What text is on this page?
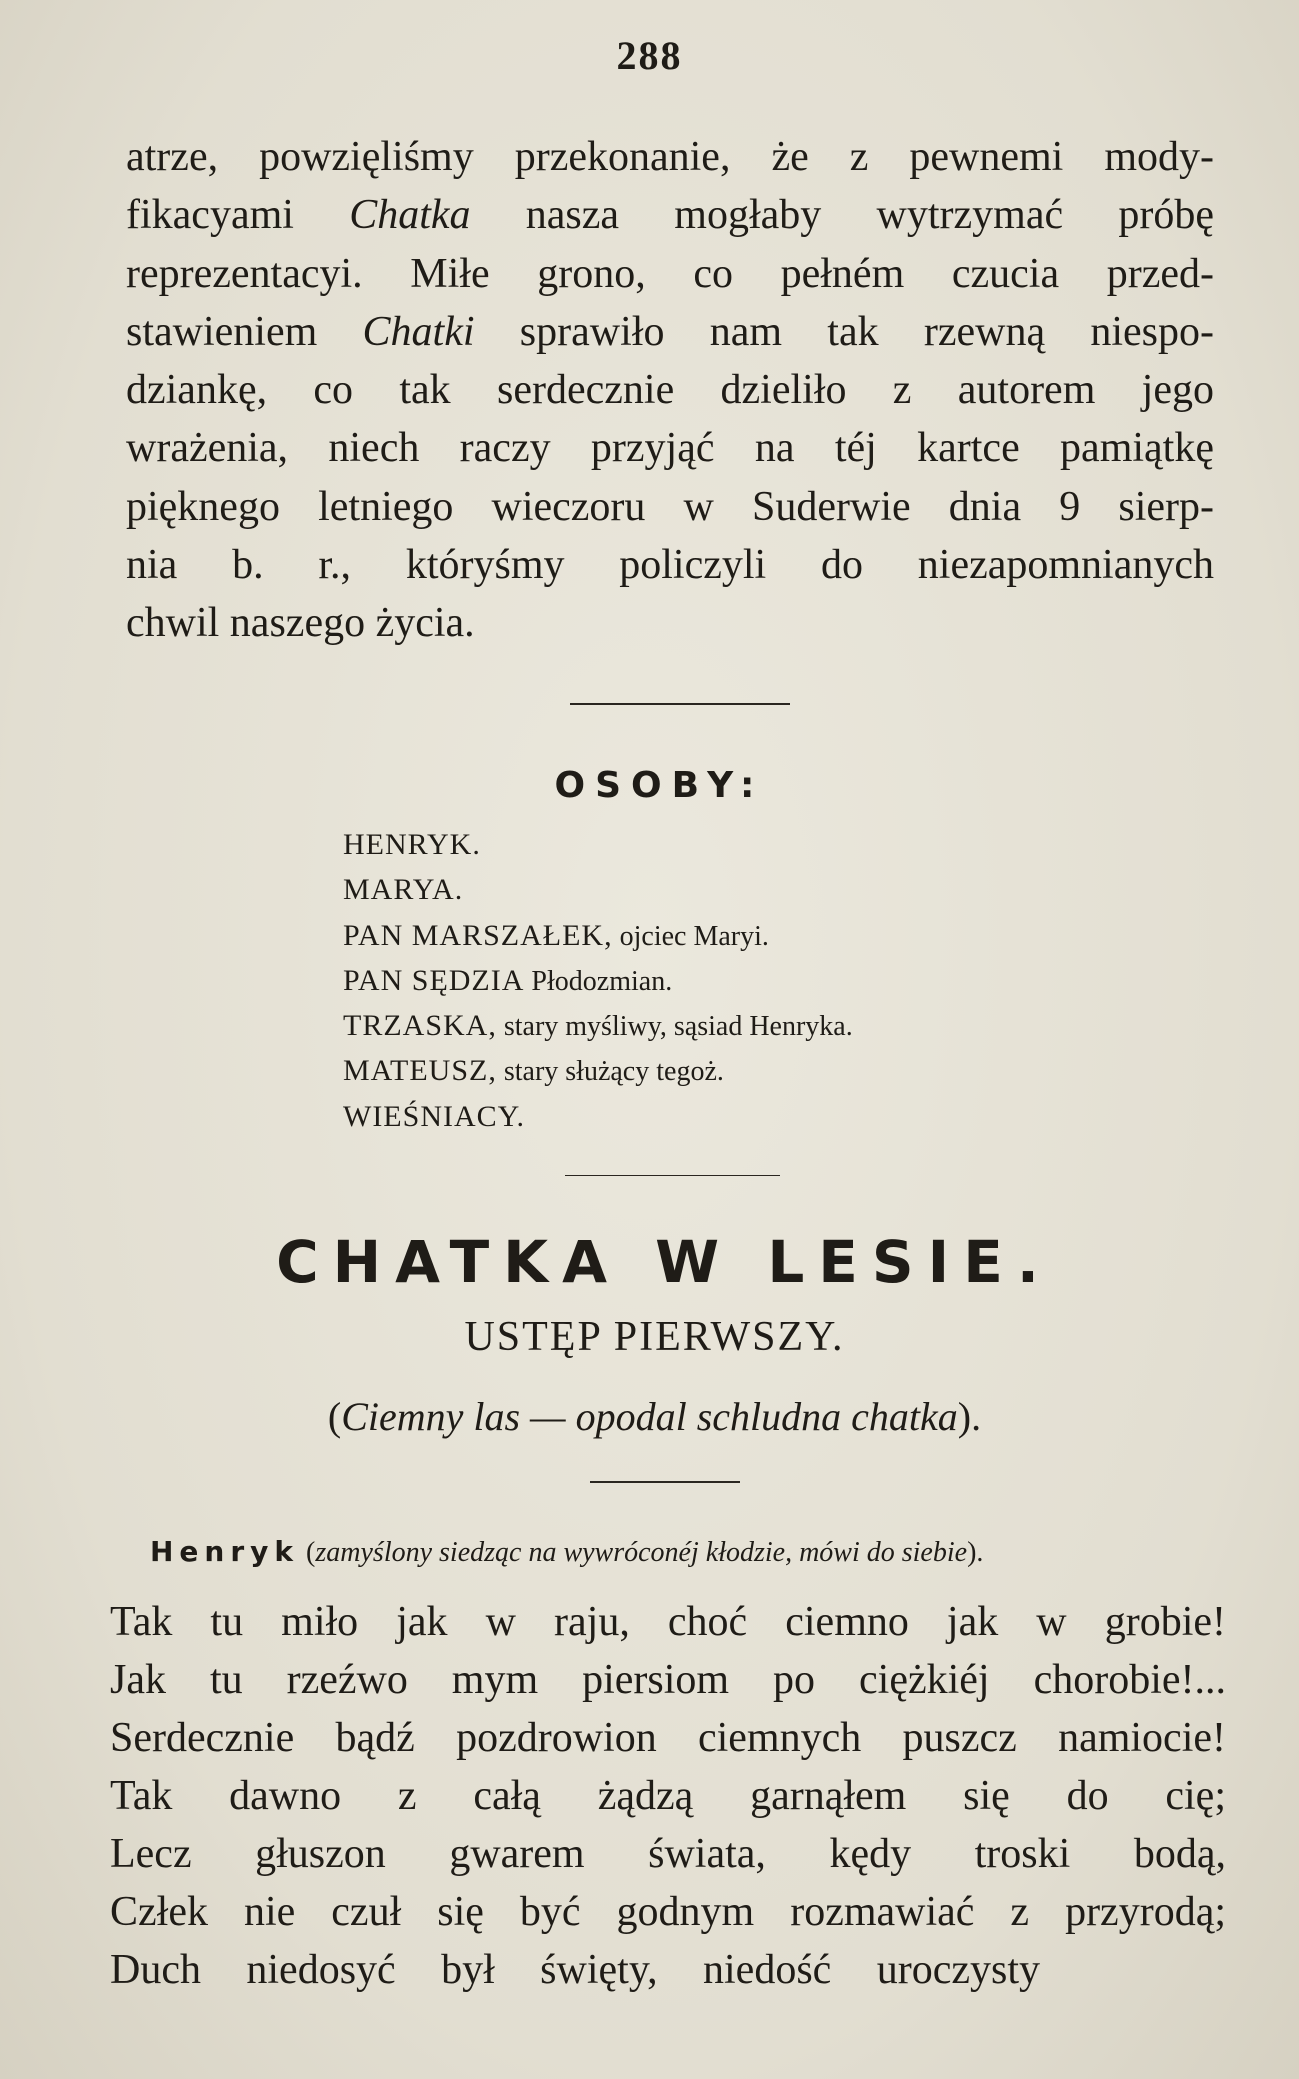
288
atrze, powzięliśmy przekonanie, że z pewnemi mody-
fikacyami Chatka nasza mogłaby wytrzymać próbę
reprezentacyi. Miłe grono, co pełném czucia przed-
stawieniem Chatki sprawiło nam tak rzewną niespo-
dziankę, co tak serdecznie dzieliło z autorem jego
wrażenia, niech raczy przyjąć na téj kartce pamiątkę
pięknego letniego wieczoru w Suderwie dnia 9 sierp-
nia b. r., któryśmy policzyli do niezapomnianych
chwil naszego życia.
OSOBY:
HENRYK.
MARYA.
PAN MARSZAŁEK, ojciec Maryi.
PAN SĘDZIA Płodozmian.
TRZASKA, stary myśliwy, sąsiad Henryka.
MATEUSZ, stary służący tegoż.
WIEŚNIACY.
CHATKA W LESIE.
USTĘP PIERWSZY.
(Ciemny las — opodal schludna chatka).
Henryk (zamyślony siedząc na wywróconéj kłodzie, mówi do siebie).
Tak tu miło jak w raju, choć ciemno jak w grobie!
Jak tu rzeźwo mym piersiom po ciężkiéj chorobie!...
Serdecznie bądź pozdrowion ciemnych puszcz namiocie!
Tak dawno z całą żądzą garnąłem się do cię;
Lecz głuszon gwarem świata, kędy troski bodą,
Człek nie czuł się być godnym rozmawiać z przyrodą;
Duch niedosyć był święty, niedość uroczysty
